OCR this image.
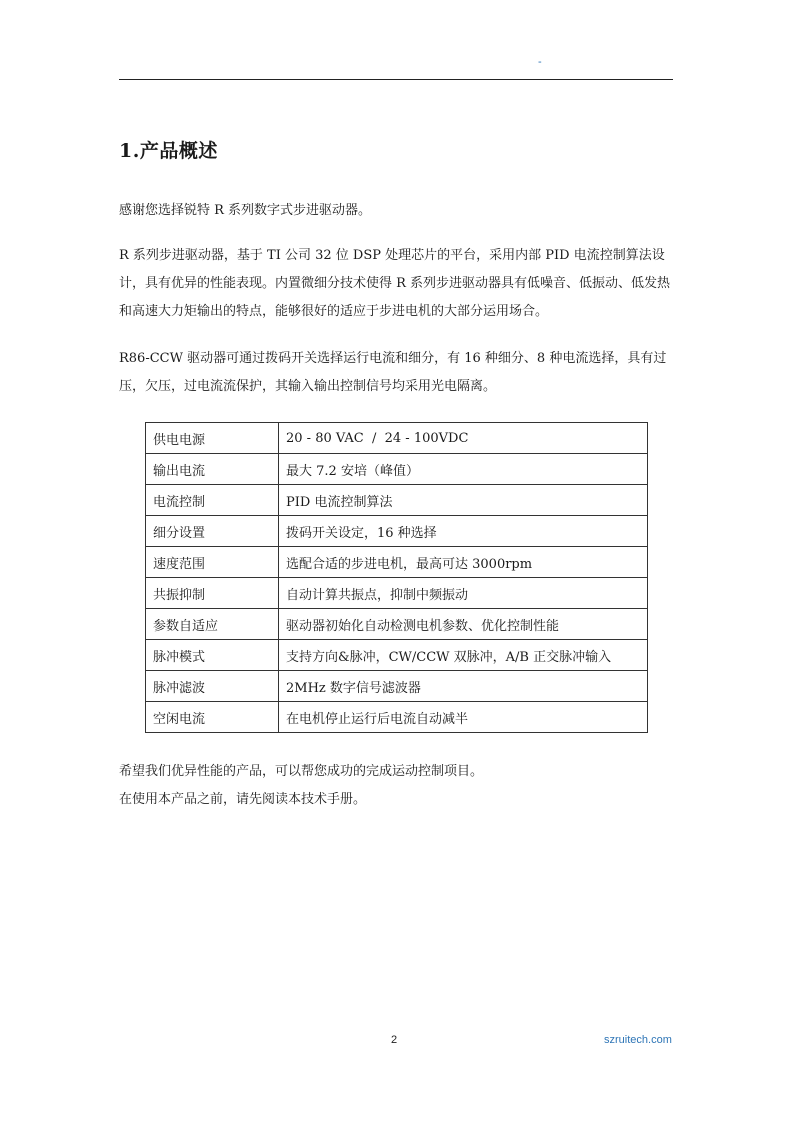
-
1.产品概述

感谢您选择锐特 R 系列数字式步进驱动器。

R 系列步进驱动器，基于 TI 公司 32 位 DSP 处理芯片的平台，采用内部 PID 电流控制算法设计，具有优异的性能表现。内置微细分技术使得 R 系列步进驱动器具有低噪音、低振动、低发热和高速大力矩输出的特点，能够很好的适应于步进电机的大部分运用场合。

R86-CCW 驱动器可通过拨码开关选择运行电流和细分，有 16 种细分、8 种电流选择，具有过压，欠压，过电流流保护，其输入输出控制信号均采用光电隔离。

供电电源	20 - 80 VAC  /  24 - 100VDC
输出电流	最大 7.2 安培（峰值）
电流控制	PID 电流控制算法
细分设置	拨码开关设定，16 种选择
速度范围	选配合适的步进电机，最高可达 3000rpm
共振抑制	自动计算共振点，抑制中频振动
参数自适应	驱动器初始化自动检测电机参数、优化控制性能
脉冲模式	支持方向&脉冲，CW/CCW 双脉冲，A/B 正交脉冲输入
脉冲滤波	2MHz 数字信号滤波器
空闲电流	在电机停止运行后电流自动减半
希望我们优异性能的产品，可以帮您成功的完成运动控制项目。
在使用本产品之前，请先阅读本技术手册。
2	szruitech.com
